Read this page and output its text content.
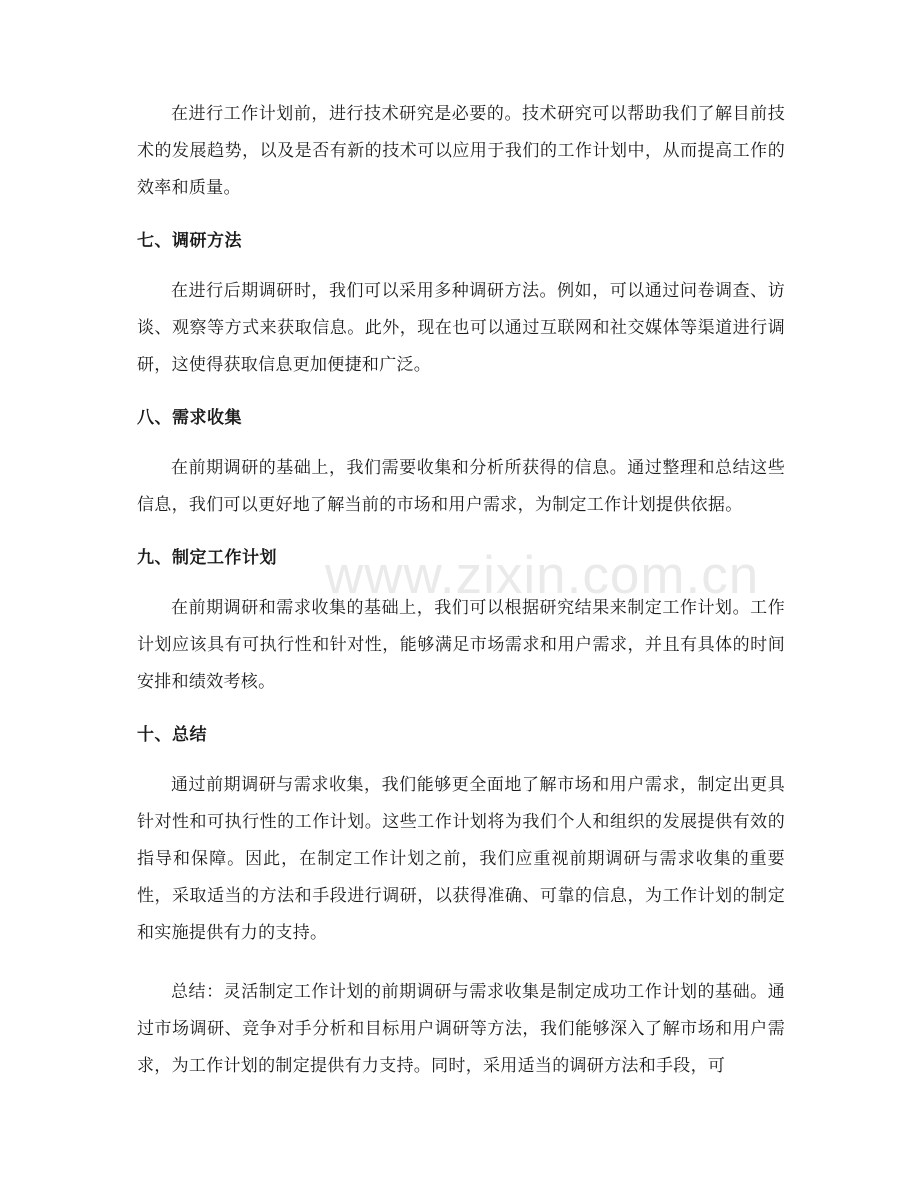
在进行工作计划前，进行技术研究是必要的。技术研究可以帮助我们了解目前技术的发展趋势，以及是否有新的技术可以应用于我们的工作计划中，从而提高工作的效率和质量。

七、调研方法

在进行后期调研时，我们可以采用多种调研方法。例如，可以通过问卷调查、访谈、观察等方式来获取信息。此外，现在也可以通过互联网和社交媒体等渠道进行调研，这使得获取信息更加便捷和广泛。

八、需求收集

在前期调研的基础上，我们需要收集和分析所获得的信息。通过整理和总结这些信息，我们可以更好地了解当前的市场和用户需求，为制定工作计划提供依据。

九、制定工作计划

在前期调研和需求收集的基础上，我们可以根据研究结果来制定工作计划。工作计划应该具有可执行性和针对性，能够满足市场需求和用户需求，并且有具体的时间安排和绩效考核。

十、总结

通过前期调研与需求收集，我们能够更全面地了解市场和用户需求，制定出更具针对性和可执行性的工作计划。这些工作计划将为我们个人和组织的发展提供有效的指导和保障。因此，在制定工作计划之前，我们应重视前期调研与需求收集的重要性，采取适当的方法和手段进行调研，以获得准确、可靠的信息，为工作计划的制定和实施提供有力的支持。

总结：灵活制定工作计划的前期调研与需求收集是制定成功工作计划的基础。通过市场调研、竞争对手分析和目标用户调研等方法，我们能够深入了解市场和用户需求，为工作计划的制定提供有力支持。同时，采用适当的调研方法和手段，可

www.zixin.com.cn
